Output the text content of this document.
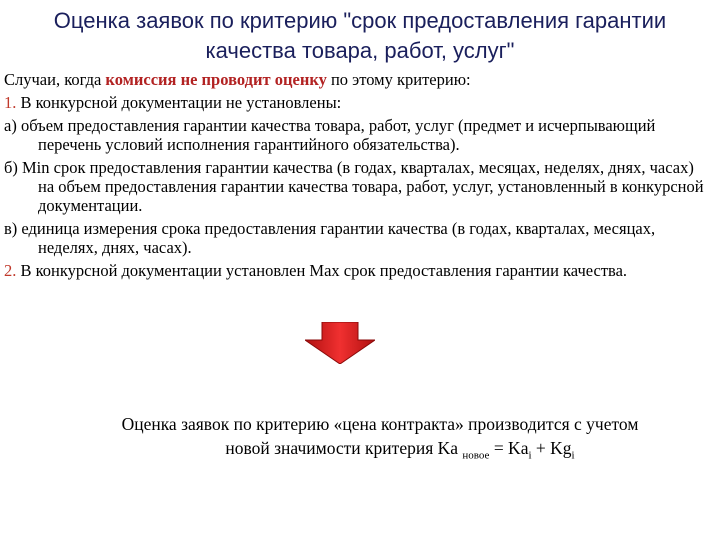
Оценка заявок по критерию "срок предоставления гарантии
качества товара, работ, услуг"

Случаи, когда комиссия не проводит оценку по этому критерию:

1. В конкурсной документации не установлены:

а) объем предоставления гарантии качества товара, работ, услуг (предмет и исчерпывающий перечень условий исполнения гарантийного обязательства).

б) Min срок предоставления гарантии качества (в годах, кварталах, месяцах, неделях, днях, часах) на объем предоставления гарантии качества товара, работ, услуг, установленный в конкурсной документации.

в) единица измерения срока предоставления гарантии качества (в годах, кварталах, месяцах, неделях, днях, часах).

2. В конкурсной документации установлен Max срок предоставления гарантии качества.

Оценка заявок по критерию «цена контракта» производится с учетом
новой значимости критерия Ka $_{новое} = Ka_i + Kg_i$
